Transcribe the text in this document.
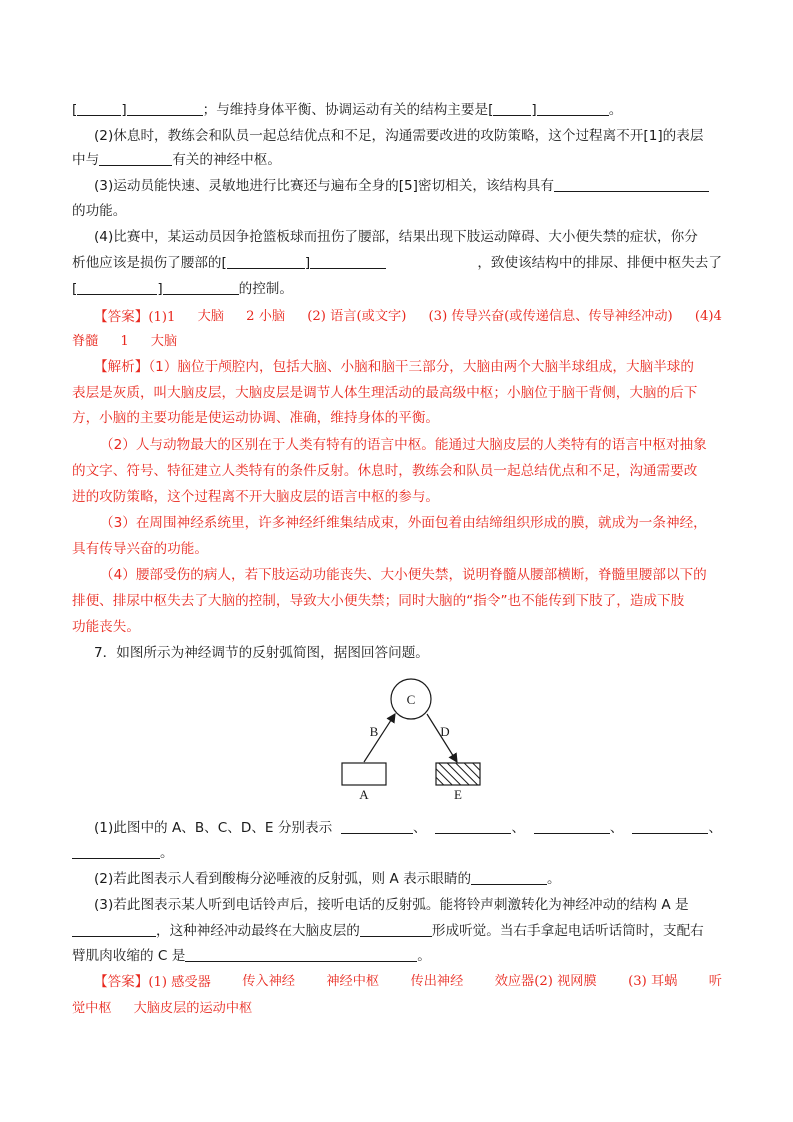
[	]	；与维持身体平衡、协调运动有关的结构主要是[	]	。
(2)休息时，教练会和队员一起总结优点和不足，沟通需要改进的攻防策略，这个过程离不开[1]的表层
中与	有关的神经中枢。
(3)运动员能快速、灵敏地进行比赛还与遍布全身的[5]密切相关，该结构具有
的功能。
(4)比赛中，某运动员因争抢篮板球而扭伤了腰部，结果出现下肢运动障碍、大小便失禁的症状，你分
析他应该是损伤了腰部的[	]	，致使该结构中的排尿、排便中枢失去了
[	]	的控制。
【答案】(1)1 大脑 2 小脑 (2) 语言(或文字) (3) 传导兴奋(或传递信息、传导神经冲动) (4)4
脊髓 1 大脑
【解析】（1）脑位于颅腔内，包括大脑、小脑和脑干三部分，大脑由两个大脑半球组成，大脑半球的
表层是灰质，叫大脑皮层，大脑皮层是调节人体生理活动的最高级中枢；小脑位于脑干背侧，大脑的后下
方，小脑的主要功能是使运动协调、准确，维持身体的平衡。
（2）人与动物最大的区别在于人类有特有的语言中枢。能通过大脑皮层的人类特有的语言中枢对抽象
的文字、符号、特征建立人类特有的条件反射。休息时，教练会和队员一起总结优点和不足，沟通需要改
进的攻防策略，这个过程离不开大脑皮层的语言中枢的参与。
（3）在周围神经系统里，许多神经纤维集结成束，外面包着由结缔组织形成的膜，就成为一条神经，
具有传导兴奋的功能。
（4）腰部受伤的病人，若下肢运动功能丧失、大小便失禁，说明脊髓从腰部横断，脊髓里腰部以下的
排便、排尿中枢失去了大脑的控制，导致大小便失禁；同时大脑的“指令”也不能传到下肢了，造成下肢
功能丧失。
7．如图所示为神经调节的反射弧简图，据图回答问题。
C
B	D
A	E
(1)此图中的 A、B、C、D、E 分别表示	、	、	、	、
。
(2)若此图表示人看到酸梅分泌唾液的反射弧，则 A 表示眼睛的	。
(3)若此图表示某人听到电话铃声后，接听电话的反射弧。能将铃声刺激转化为神经冲动的结构 A 是
，这种神经冲动最终在大脑皮层的	形成听觉。当右手拿起电话听话筒时，支配右
臂肌肉收缩的 C 是	。
【答案】(1) 感受器 传入神经 神经中枢 传出神经 效应器(2) 视网膜 (3) 耳蜗 听
觉中枢 大脑皮层的运动中枢
